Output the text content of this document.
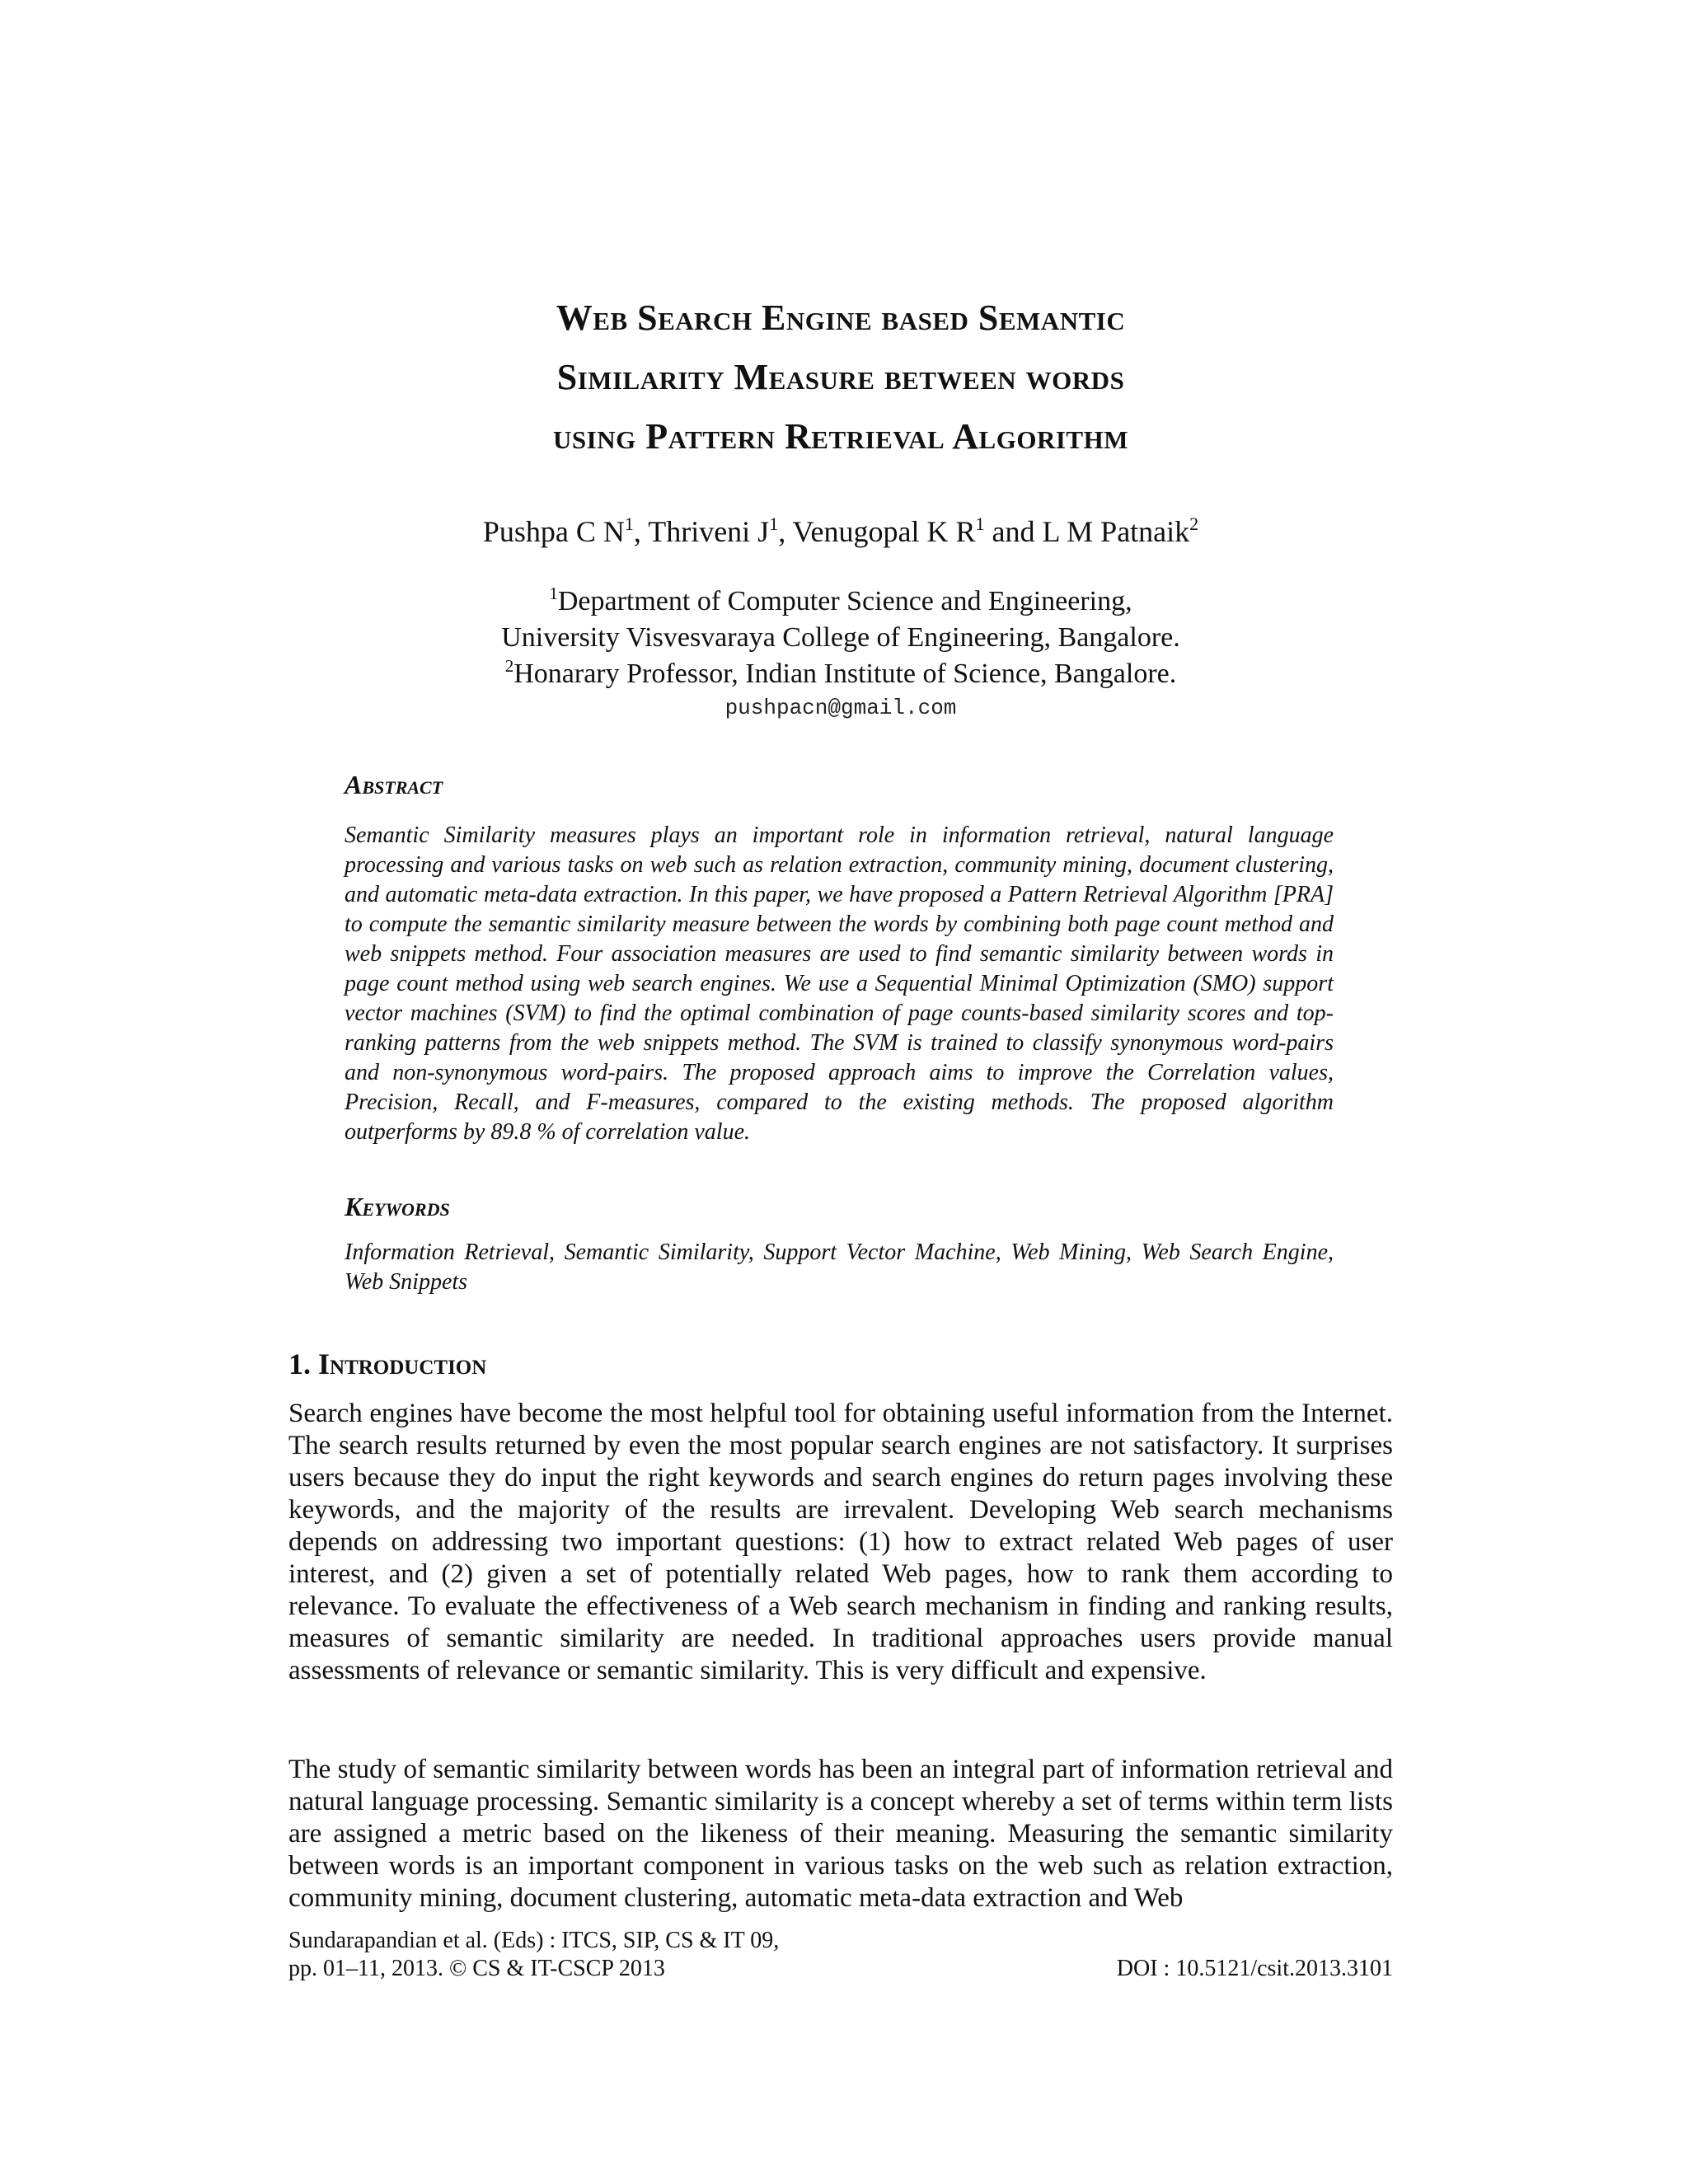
Web Search Engine based Semantic
Similarity Measure between words
using Pattern Retrieval Algorithm
Pushpa C $N^1$, Thriveni $J^1$, Venugopal K $R^1$ and L M Patnaik$^2$
$^1$Department of Computer Science and Engineering,
University Visvesvaraya College of Engineering, Bangalore.
$^2$Honarary Professor, Indian Institute of Science, Bangalore.
pushpacn@gmail.com
Abstract

Semantic Similarity measures plays an important role in information retrieval, natural language processing and various tasks on web such as relation extraction, community mining, document clustering, and automatic meta-data extraction. In this paper, we have proposed a Pattern Retrieval Algorithm [PRA] to compute the semantic similarity measure between the words by combining both page count method and web snippets method. Four association measures are used to find semantic similarity between words in page count method using web search engines. We use a Sequential Minimal Optimization (SMO) support vector machines (SVM) to find the optimal combination of page counts-based similarity scores and top-ranking patterns from the web snippets method. The SVM is trained to classify synonymous word-pairs and non-synonymous word-pairs. The proposed approach aims to improve the Correlation values, Precision, Recall, and F-measures, compared to the existing methods. The proposed algorithm outperforms by 89.8 % of correlation value.

Keywords

Information Retrieval, Semantic Similarity, Support Vector Machine, Web Mining, Web Search Engine, Web Snippets

1. Introduction

Search engines have become the most helpful tool for obtaining useful information from the Internet. The search results returned by even the most popular search engines are not satisfactory. It surprises users because they do input the right keywords and search engines do return pages involving these keywords, and the majority of the results are irrevalent. Developing Web search mechanisms depends on addressing two important questions: (1) how to extract related Web pages of user interest, and (2) given a set of potentially related Web pages, how to rank them according to relevance. To evaluate the effectiveness of a Web search mechanism in finding and ranking results, measures of semantic similarity are needed. In traditional approaches users provide manual assessments of relevance or semantic similarity. This is very difficult and expensive.

The study of semantic similarity between words has been an integral part of information retrieval and natural language processing. Semantic similarity is a concept whereby a set of terms within term lists are assigned a metric based on the likeness of their meaning. Measuring the semantic similarity between words is an important component in various tasks on the web such as relation extraction, community mining, document clustering, automatic meta-data extraction and Web

Sundarapandian et al. (Eds) : ITCS, SIP, CS & IT 09,
pp. 01–11, 2013. © CS & IT-CSCP 2013	DOI : 10.5121/csit.2013.3101
